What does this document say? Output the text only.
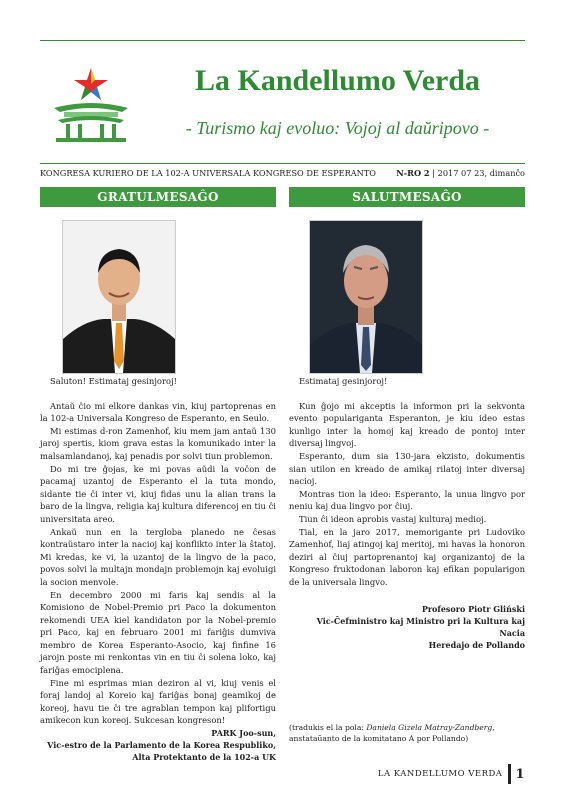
La Kandellumo Verda
- Turismo kaj evoluo: Vojoj al daŭripovo -
KONGRESA KURIERO DE LA 102-A UNIVERSALA KONGRESO DE ESPERANTO N-RO 2 | 2017 07 23, dimanĉo
GRATULMESAĜO

Saluton! Estimataj gesinjoroj!

Antaŭ ĉio mi elkore dankas vin, kiuj partoprenas en la 102-a Universala Kongreso de Esperanto, en Seulo.

Mi estimas d-ron Zamenhof, kiu mem jam antaŭ 130 jaroj spertis, kiom grava estas la komunikado inter la malsamlandanoj, kaj penadis por solvi tiun problemon.

Do mi tre ĝojas, ke mi povas aŭdi la voĉon de pacamaj uzantoj de Esperanto el la tuta mondo, sidante tie ĉi inter vi, kiuj fidas unu la alian trans la baro de la lingva, religia kaj kultura diferencoj en tiu ĉi universitata areo.

Ankaŭ nun en la tergloba planedo ne ĉesas kontraŭstaro inter la nacioj kaj konflikto inter la ŝtatoj. Mi kredas, ke vi, la uzantoj de la lingvo de la paco, povos solvi la multajn mondajn problemojn kaj evoluigi la socion menvole.

En decembro 2000 mi faris kaj sendis al la Komisiono de Nobel-Premio pri Paco la dokumenton rekomendi UEA kiel kandidaton por la Nobel-premio pri Paco, kaj en februaro 2001 mi fariĝis dumviva membro de Korea Esperanto-Asocio, kaj finfine 16 jarojn poste mi renkontas vin en tiu ĉi solena loko, kaj fariĝas emociplena.

Fine mi esprimas mian deziron al vi, kiuj venis el foraj landoj al Koreio kaj fariĝas bonaj geamikoj de koreoj, havu tie ĉi tre agrablan tempon kaj plifortigu amikecon kun koreoj. Sukcesan kongreson!

PARK Joo-sun,
Vic-estro de la Parlamento de la Korea Respubliko,
Alta Protektanto de la 102-a UK
SALUTMESAĜO

Estimataj gesinjoroj!

Kun ĝojo mi akceptis la informon pri la sekvonta evento populariganta Esperanton, je kiu ideo estas kunligo inter la homoj kaj kreado de pontoj inter diversaj lingvoj.

Esperanto, dum sia 130-jara ekzisto, dokumentis sian utilon en kreado de amikaj rilatoj inter diversaj nacioj.

Montras tion la ideo: Esperanto, la unua lingvo por neniu kaj dua lingvo por ĉiuj.

Tiun ĉi ideon aprobis vastaj kulturaj medioj.

Tial, en la jaro 2017, memorigante pri Ludoviko Zamenhof, liaj atingoj kaj meritoj, mi havas la honoron deziri al ĉiuj partoprenantoj kaj organizantoj de la Kongreso fruktodonan laboron kaj efikan popularigon de la universala lingvo.

Profesoro Piotr Gliński
Vic-Ĉefministro kaj Ministro pri la Kultura kaj Nacia
Heredajo de Pollando
(tradukis el la pola: Daniela Gizela Matray-Zandberg, anstataŭanto de la komitatano A por Pollando)
LA KANDELLUMO VERDA 1
